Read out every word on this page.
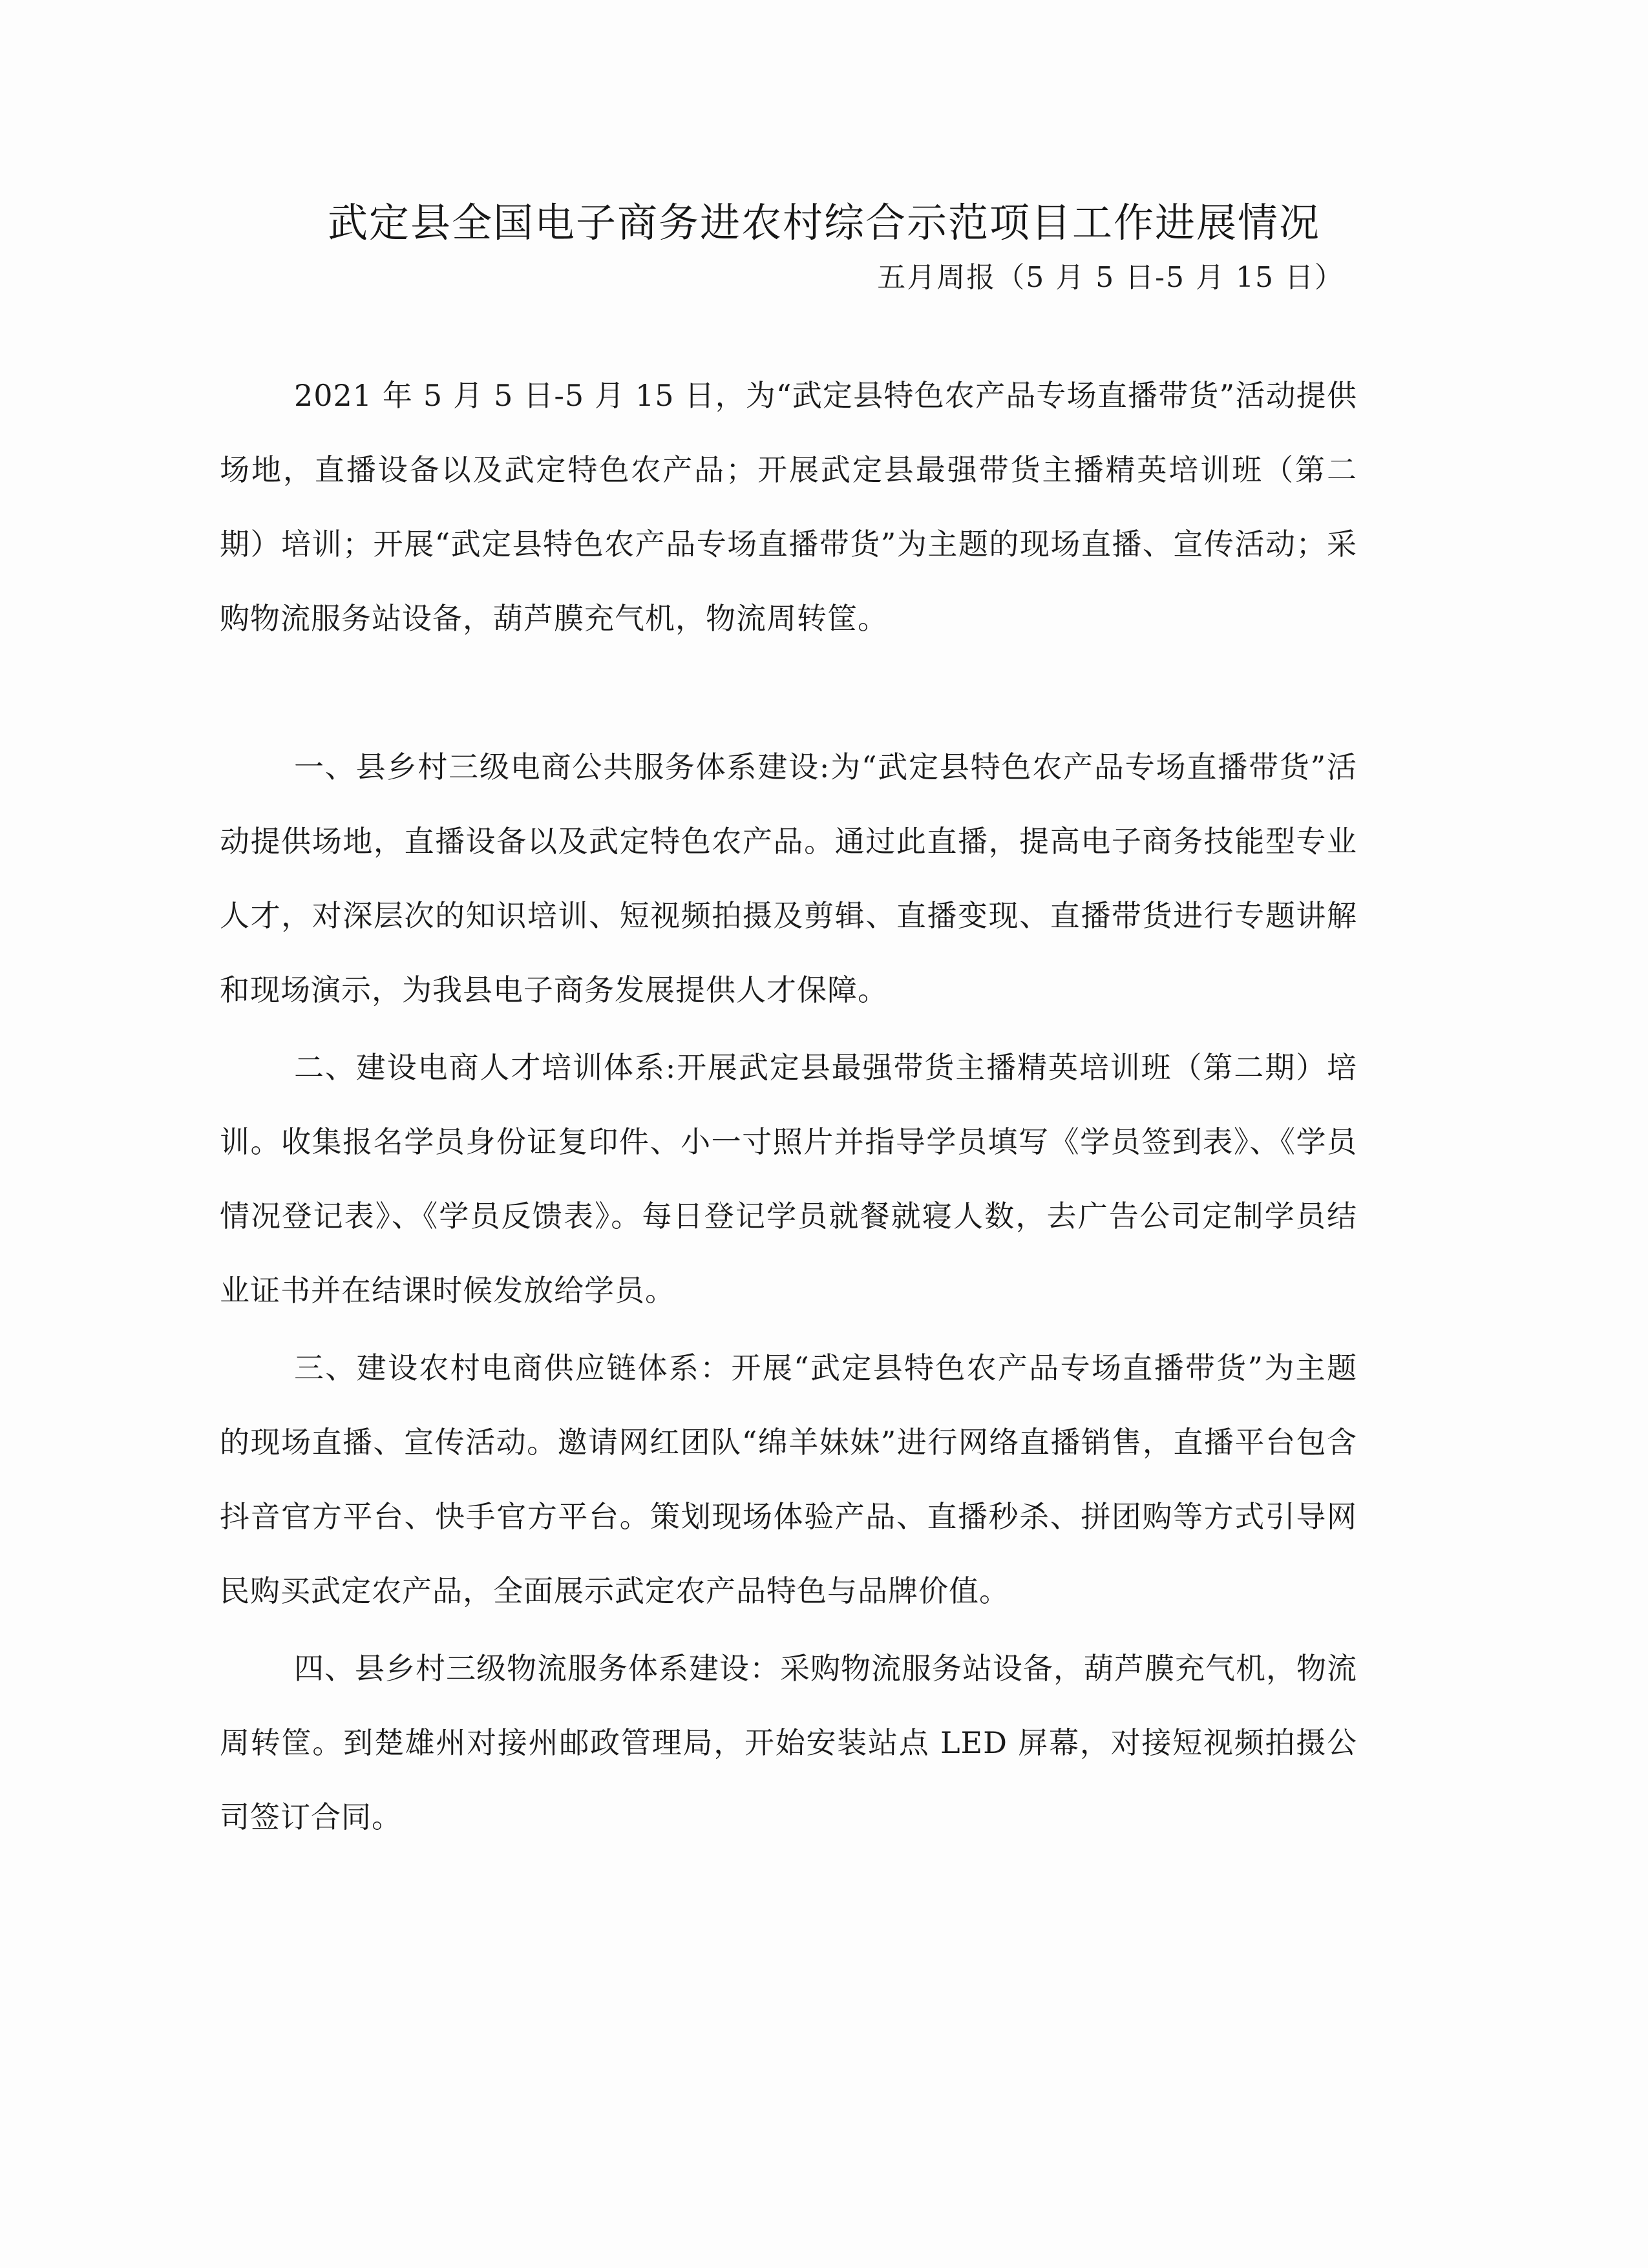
武定县全国电子商务进农村综合示范项目工作进展情况
五月周报（5 月 5 日-5 月 15 日）

2021 年 5 月 5 日-5 月 15 日，为“武定县特色农产品专场直播带货”活动提供场地，直播设备以及武定特色农产品；开展武定县最强带货主播精英培训班（第二期）培训；开展“武定县特色农产品专场直播带货”为主题的现场直播、宣传活动；采购物流服务站设备，葫芦膜充气机，物流周转筐。

一、县乡村三级电商公共服务体系建设:为“武定县特色农产品专场直播带货”活动提供场地，直播设备以及武定特色农产品。通过此直播，提高电子商务技能型专业人才，对深层次的知识培训、短视频拍摄及剪辑、直播变现、直播带货进行专题讲解和现场演示，为我县电子商务发展提供人才保障。

二、建设电商人才培训体系:开展武定县最强带货主播精英培训班（第二期）培训。收集报名学员身份证复印件、小一寸照片并指导学员填写《学员签到表》、《学员情况登记表》、《学员反馈表》。每日登记学员就餐就寝人数，去广告公司定制学员结业证书并在结课时候发放给学员。

三、建设农村电商供应链体系：开展“武定县特色农产品专场直播带货”为主题的现场直播、宣传活动。邀请网红团队“绵羊妹妹”进行网络直播销售，直播平台包含抖音官方平台、快手官方平台。策划现场体验产品、直播秒杀、拼团购等方式引导网民购买武定农产品，全面展示武定农产品特色与品牌价值。

四、县乡村三级物流服务体系建设：采购物流服务站设备，葫芦膜充气机，物流周转筐。到楚雄州对接州邮政管理局，开始安装站点 LED 屏幕，对接短视频拍摄公司签订合同。
